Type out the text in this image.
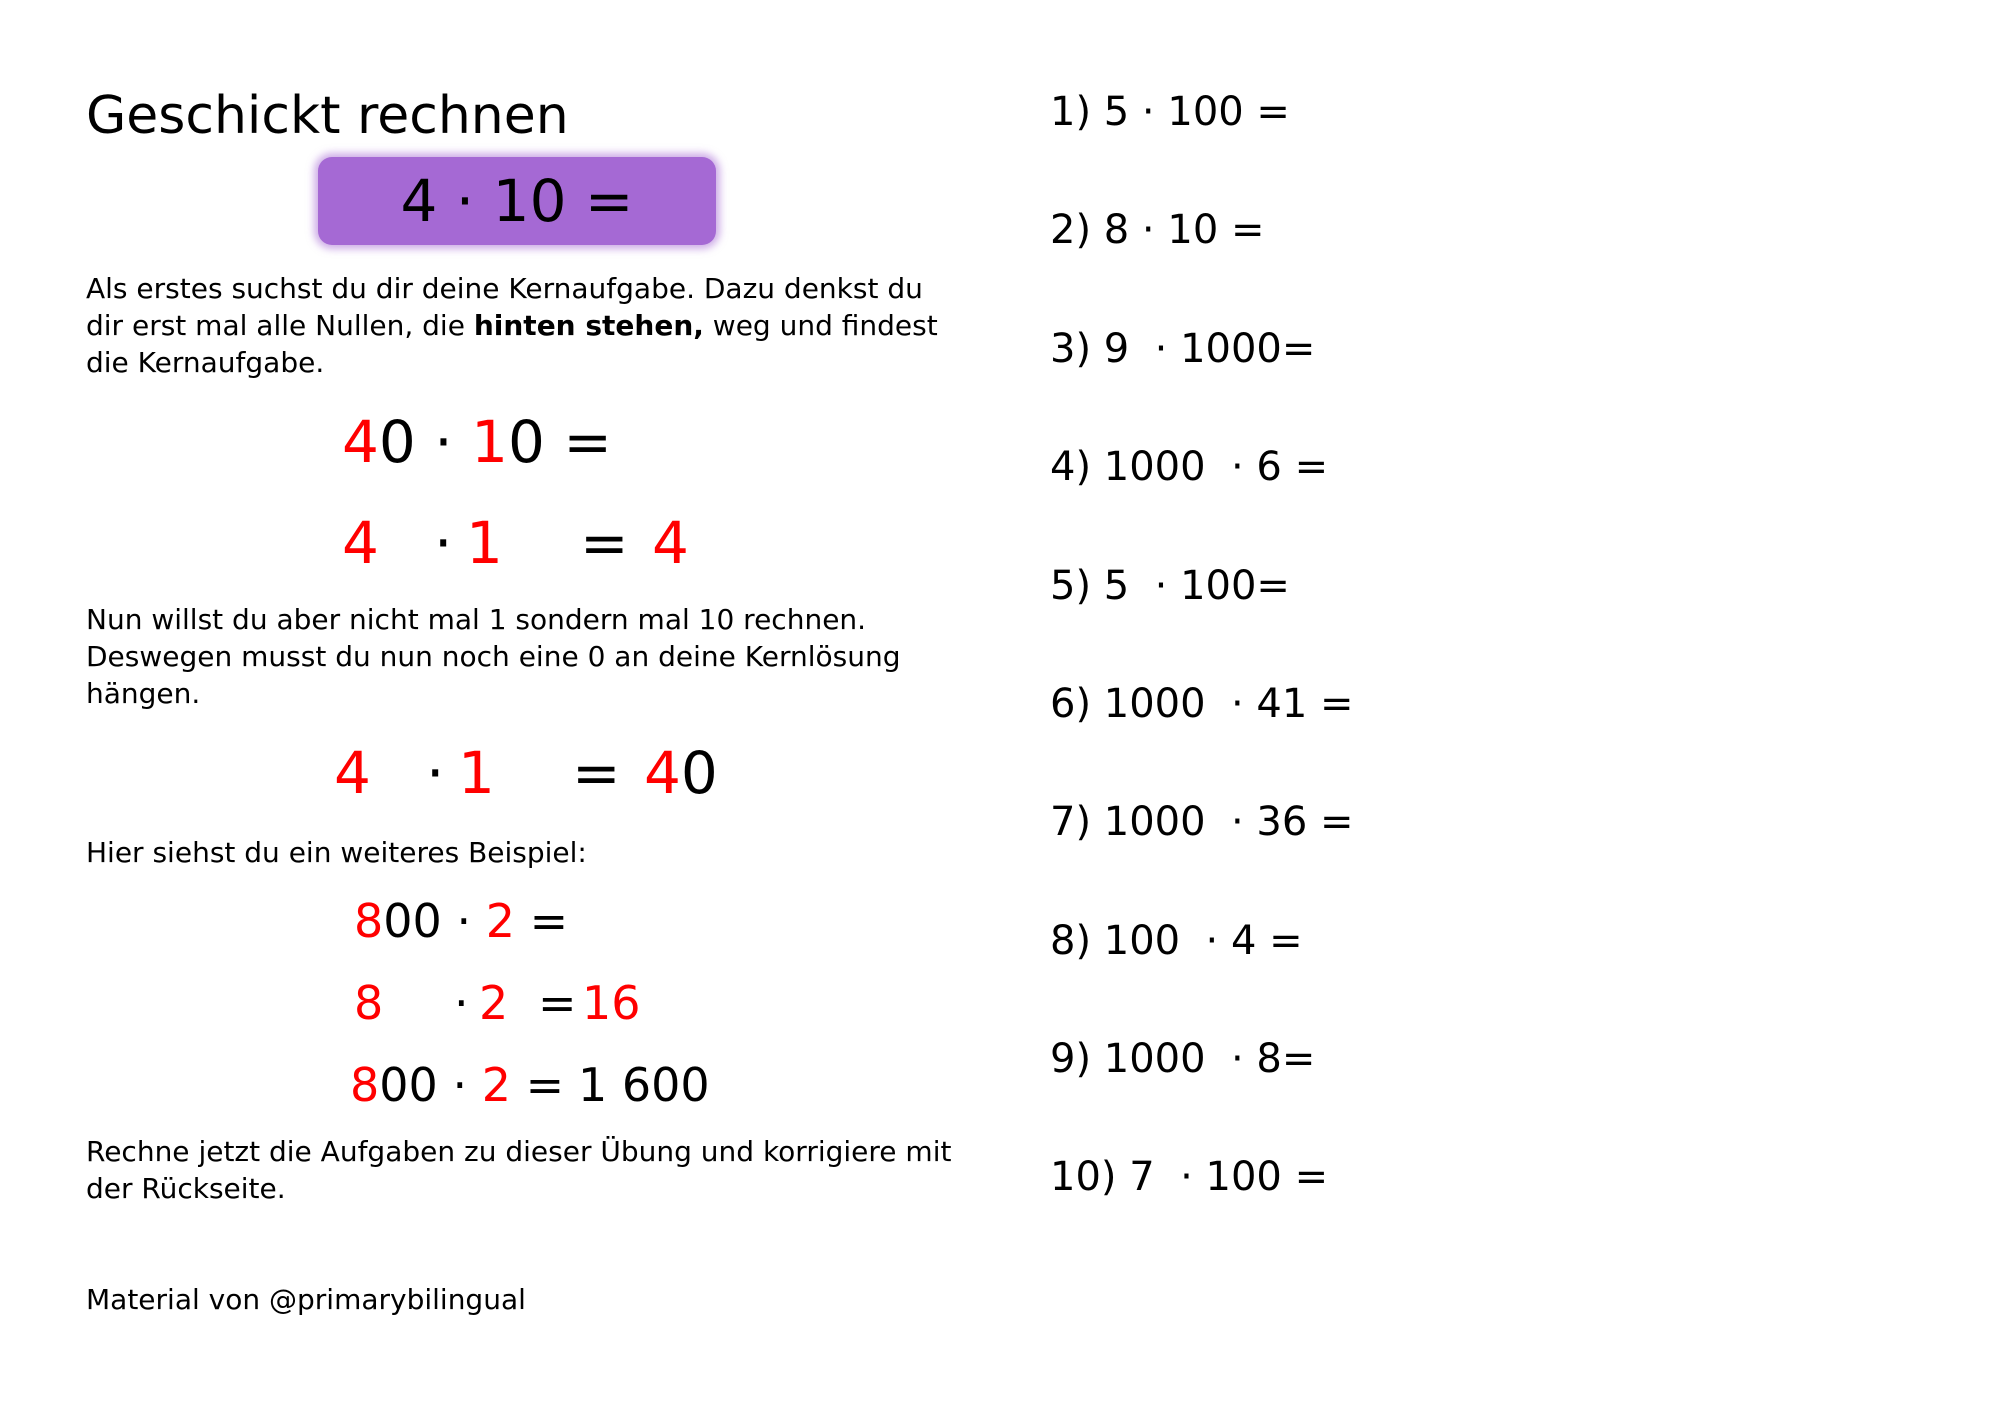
Geschickt rechnen
4 · 10 =
Als erstes suchst du dir deine Kernaufgabe. Dazu denkst du dir erst mal alle Nullen, die hinten stehen, weg und findest die Kernaufgabe.
40 · 10 =
4 · 1 = 4
Nun willst du aber nicht mal 1 sondern mal 10 rechnen. Deswegen musst du nun noch eine 0 an deine Kernlösung hängen.
4 · 1 = 40
Hier siehst du ein weiteres Beispiel:
800 · 2 =
8 · 2 = 16
800 · 2 = 1 600
Rechne jetzt die Aufgaben zu dieser Übung und korrigiere mit der Rückseite.
Material von @primarybilingual
1) 5 · 100 =
2) 8 · 10 =
3) 9  · 1000=
4) 1000  · 6 =
5) 5  · 100=
6) 1000  · 41 =
7) 1000  · 36 =
8) 100  · 4 =
9) 1000  · 8=
10) 7  · 100 =
